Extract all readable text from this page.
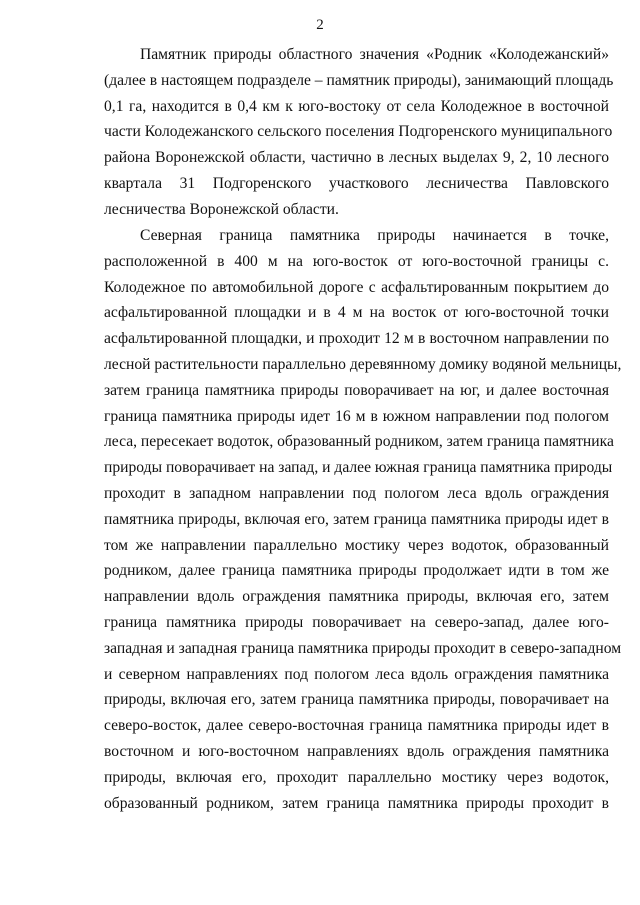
2
Памятник природы областного значения «Родник «Колодежанский»
(далее в настоящем подразделе – памятник природы), занимающий площадь
0,1 га, находится в 0,4 км к юго-востоку от села Колодежное в восточной
части Колодежанского сельского поселения Подгоренского муниципального
района Воронежской области, частично в лесных выделах 9, 2, 10 лесного
квартала 31 Подгоренского участкового лесничества Павловского
лесничества Воронежской области.
Северная граница памятника природы начинается в точке,
расположенной в 400 м на юго-восток от юго-восточной границы с.
Колодежное по автомобильной дороге с асфальтированным покрытием до
асфальтированной площадки и в 4 м на восток от юго-восточной точки
асфальтированной площадки, и проходит 12 м в восточном направлении по
лесной растительности параллельно деревянному домику водяной мельницы,
затем граница памятника природы поворачивает на юг, и далее восточная
граница памятника природы идет 16 м в южном направлении под пологом
леса, пересекает водоток, образованный родником, затем граница памятника
природы поворачивает на запад, и далее южная граница памятника природы
проходит в западном направлении под пологом леса вдоль ограждения
памятника природы, включая его, затем граница памятника природы идет в
том же направлении параллельно мостику через водоток, образованный
родником, далее граница памятника природы продолжает идти в том же
направлении вдоль ограждения памятника природы, включая его, затем
граница памятника природы поворачивает на северо-запад, далее юго-
западная и западная граница памятника природы проходит в северо-западном
и северном направлениях под пологом леса вдоль ограждения памятника
природы, включая его, затем граница памятника природы, поворачивает на
северо-восток, далее северо-восточная граница памятника природы идет в
восточном и юго-восточном направлениях вдоль ограждения памятника
природы, включая его, проходит параллельно мостику через водоток,
образованный родником, затем граница памятника природы проходит в
